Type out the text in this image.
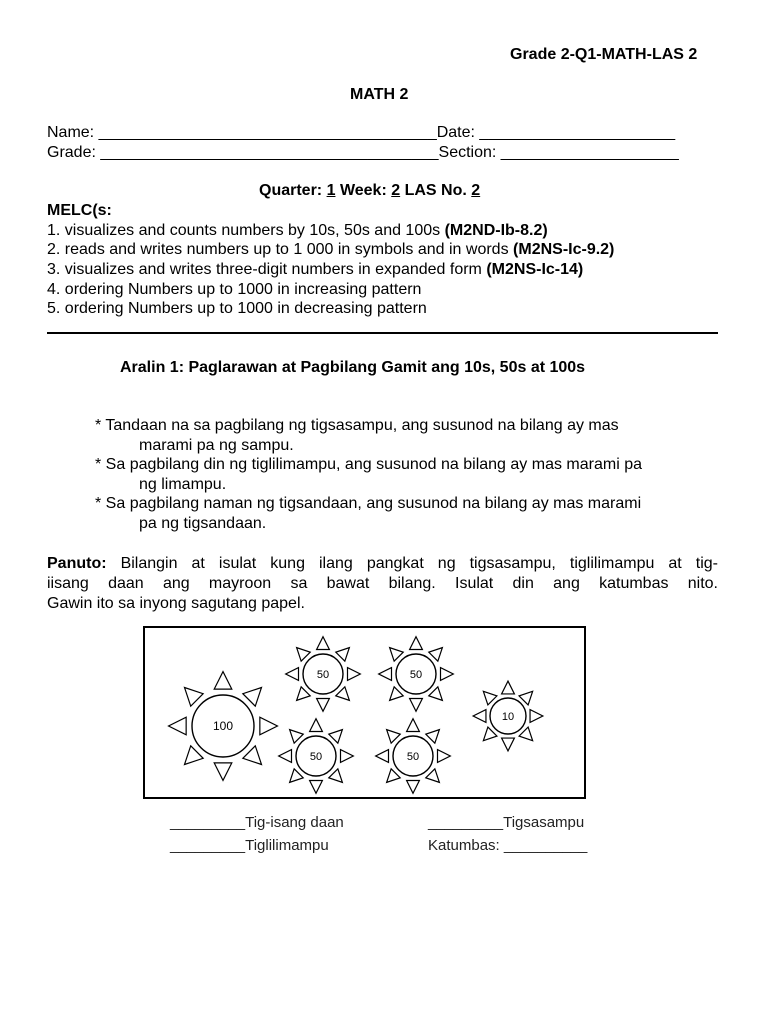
Grade 2-Q1-MATH-LAS 2
MATH 2
Name: ______________________________________Date: ______________________
Grade: ______________________________________Section: ____________________
Quarter: 1 Week: 2 LAS No. 2
MELC(s:
1. visualizes and counts numbers by 10s, 50s and 100s (M2ND-Ib-8.2)
2. reads and writes numbers up to 1 000 in symbols and in words (M2NS-Ic-9.2)
3. visualizes and writes three-digit numbers in expanded form (M2NS-Ic-14)
4. ordering Numbers up to 1000 in increasing pattern
5. ordering Numbers up to 1000 in decreasing pattern
Aralin 1: Paglarawan at Pagbilang Gamit ang 10s, 50s at 100s
* Tandaan na sa pagbilang ng tigsasampu, ang susunod na bilang ay mas
marami pa ng sampu.
* Sa pagbilang din ng tiglilimampu, ang susunod na bilang ay mas marami pa
ng limampu.
* Sa pagbilang naman ng tigsandaan, ang susunod na bilang ay mas marami
pa ng tigsandaan.
Panuto: Bilangin at isulat kung ilang pangkat ng tigsasampu, tiglilimampu at tig-
iisang daan ang mayroon sa bawat bilang. Isulat din ang katumbas nito.
Gawin ito sa inyong sagutang papel.
100
50	50
10
50	50
_________Tig-isang daan	_________Tigsasampu
_________Tiglilimampu	Katumbas: __________
